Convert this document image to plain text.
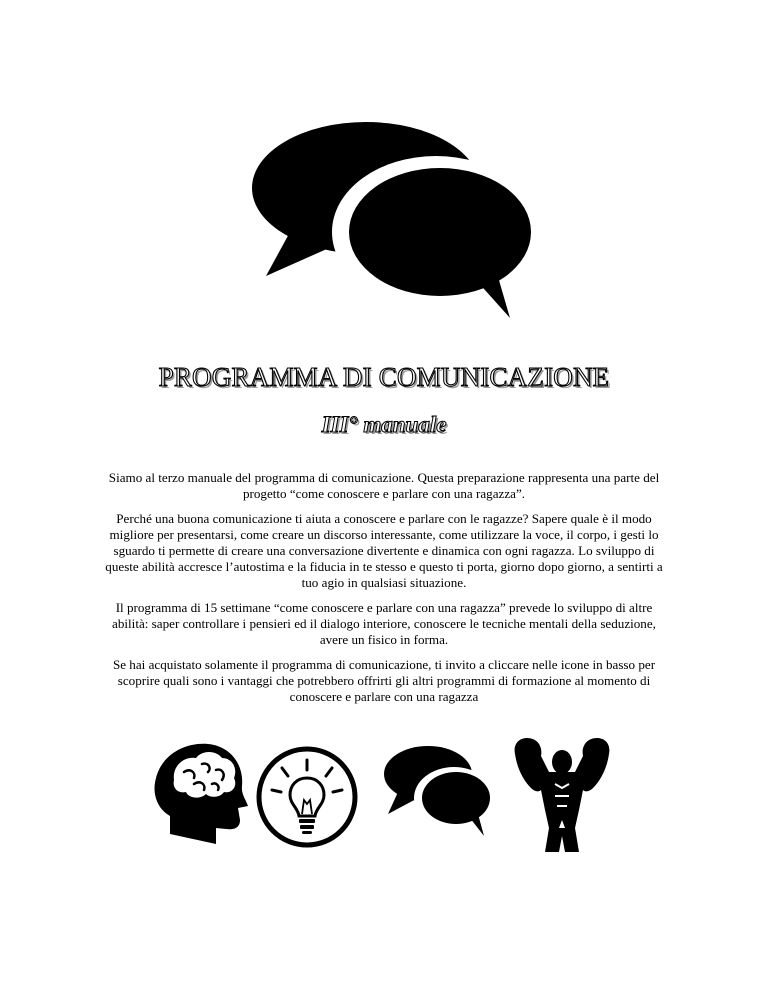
PROGRAMMA DI COMUNICAZIONE
III° manuale

Siamo al terzo manuale del programma di comunicazione. Questa preparazione rappresenta una parte del progetto “come conoscere e parlare con una ragazza”.

Perché una buona comunicazione ti aiuta a conoscere e parlare con le ragazze? Sapere quale è il modo migliore per presentarsi, come creare un discorso interessante, come utilizzare la voce, il corpo, i gesti lo sguardo ti permette di creare una conversazione divertente e dinamica con ogni ragazza. Lo sviluppo di queste abilità accresce l’autostima e la fiducia in te stesso e questo ti porta, giorno dopo giorno, a sentirti a tuo agio in qualsiasi situazione.

Il programma di 15 settimane “come conoscere e parlare con una ragazza” prevede lo sviluppo di altre abilità: saper controllare i pensieri ed il dialogo interiore, conoscere le tecniche mentali della seduzione, avere un fisico in forma.

Se hai acquistato solamente il programma di comunicazione, ti invito a cliccare nelle icone in basso per scoprire quali sono i vantaggi che potrebbero offrirti gli altri programmi di formazione al momento di conoscere e parlare con una ragazza
